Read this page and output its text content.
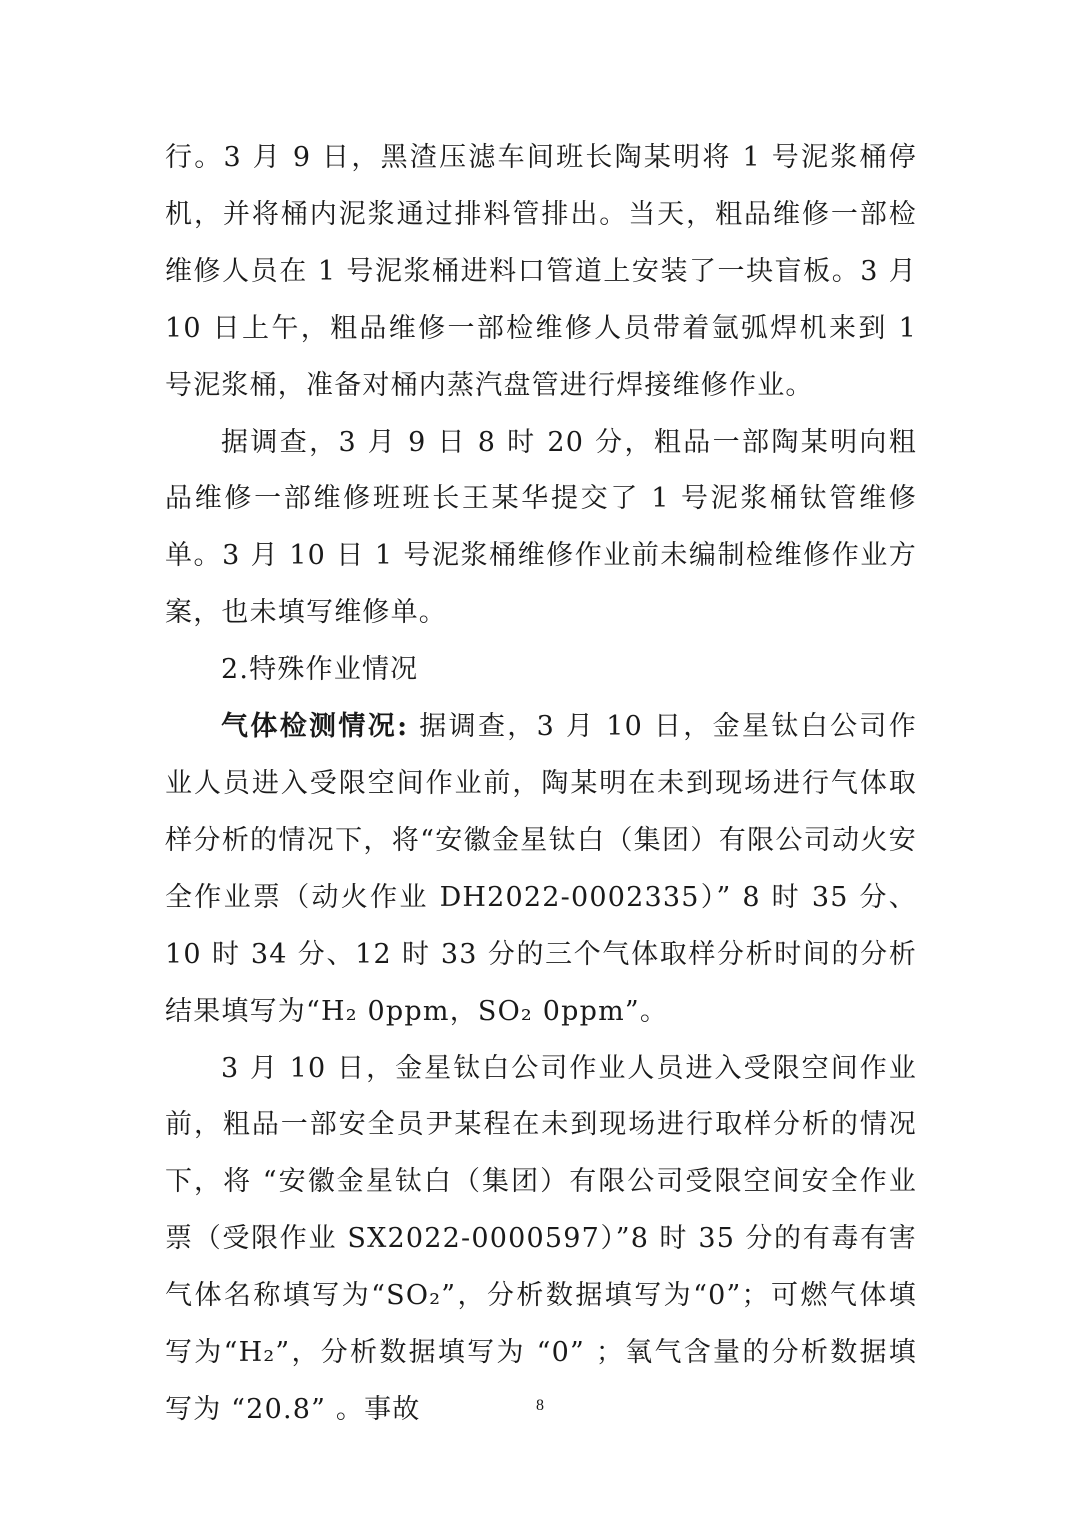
行。3 月 9 日，黑渣压滤车间班长陶某明将 1 号泥浆桶停机，并将桶内泥浆通过排料管排出。当天，粗品维修一部检维修人员在 1 号泥浆桶进料口管道上安装了一块盲板。3 月 10 日上午，粗品维修一部检维修人员带着氩弧焊机来到 1 号泥浆桶，准备对桶内蒸汽盘管进行焊接维修作业。

据调查，3 月 9 日 8 时 20 分，粗品一部陶某明向粗品维修一部维修班班长王某华提交了 1 号泥浆桶钛管维修单。3 月 10 日 1 号泥浆桶维修作业前未编制检维修作业方案，也未填写维修单。

2.特殊作业情况

气体检测情况: 据调查，3 月 10 日，金星钛白公司作业人员进入受限空间作业前，陶某明在未到现场进行气体取样分析的情况下，将“安徽金星钛白（集团）有限公司动火安全作业票（动火作业 DH2022-0002335）” 8 时 35 分、10 时 34 分、12 时 33 分的三个气体取样分析时间的分析结果填写为“H₂ 0ppm，SO₂ 0ppm”。

3 月 10 日，金星钛白公司作业人员进入受限空间作业前，粗品一部安全员尹某程在未到现场进行取样分析的情况下，将 “安徽金星钛白（集团）有限公司受限空间安全作业票（受限作业 SX2022-0000597）”8 时 35 分的有毒有害气体名称填写为“SO₂”，分析数据填写为“0”；可燃气体填写为“H₂”，分析数据填写为 “0” ；氧气含量的分析数据填写为 “20.8” 。事故	8
